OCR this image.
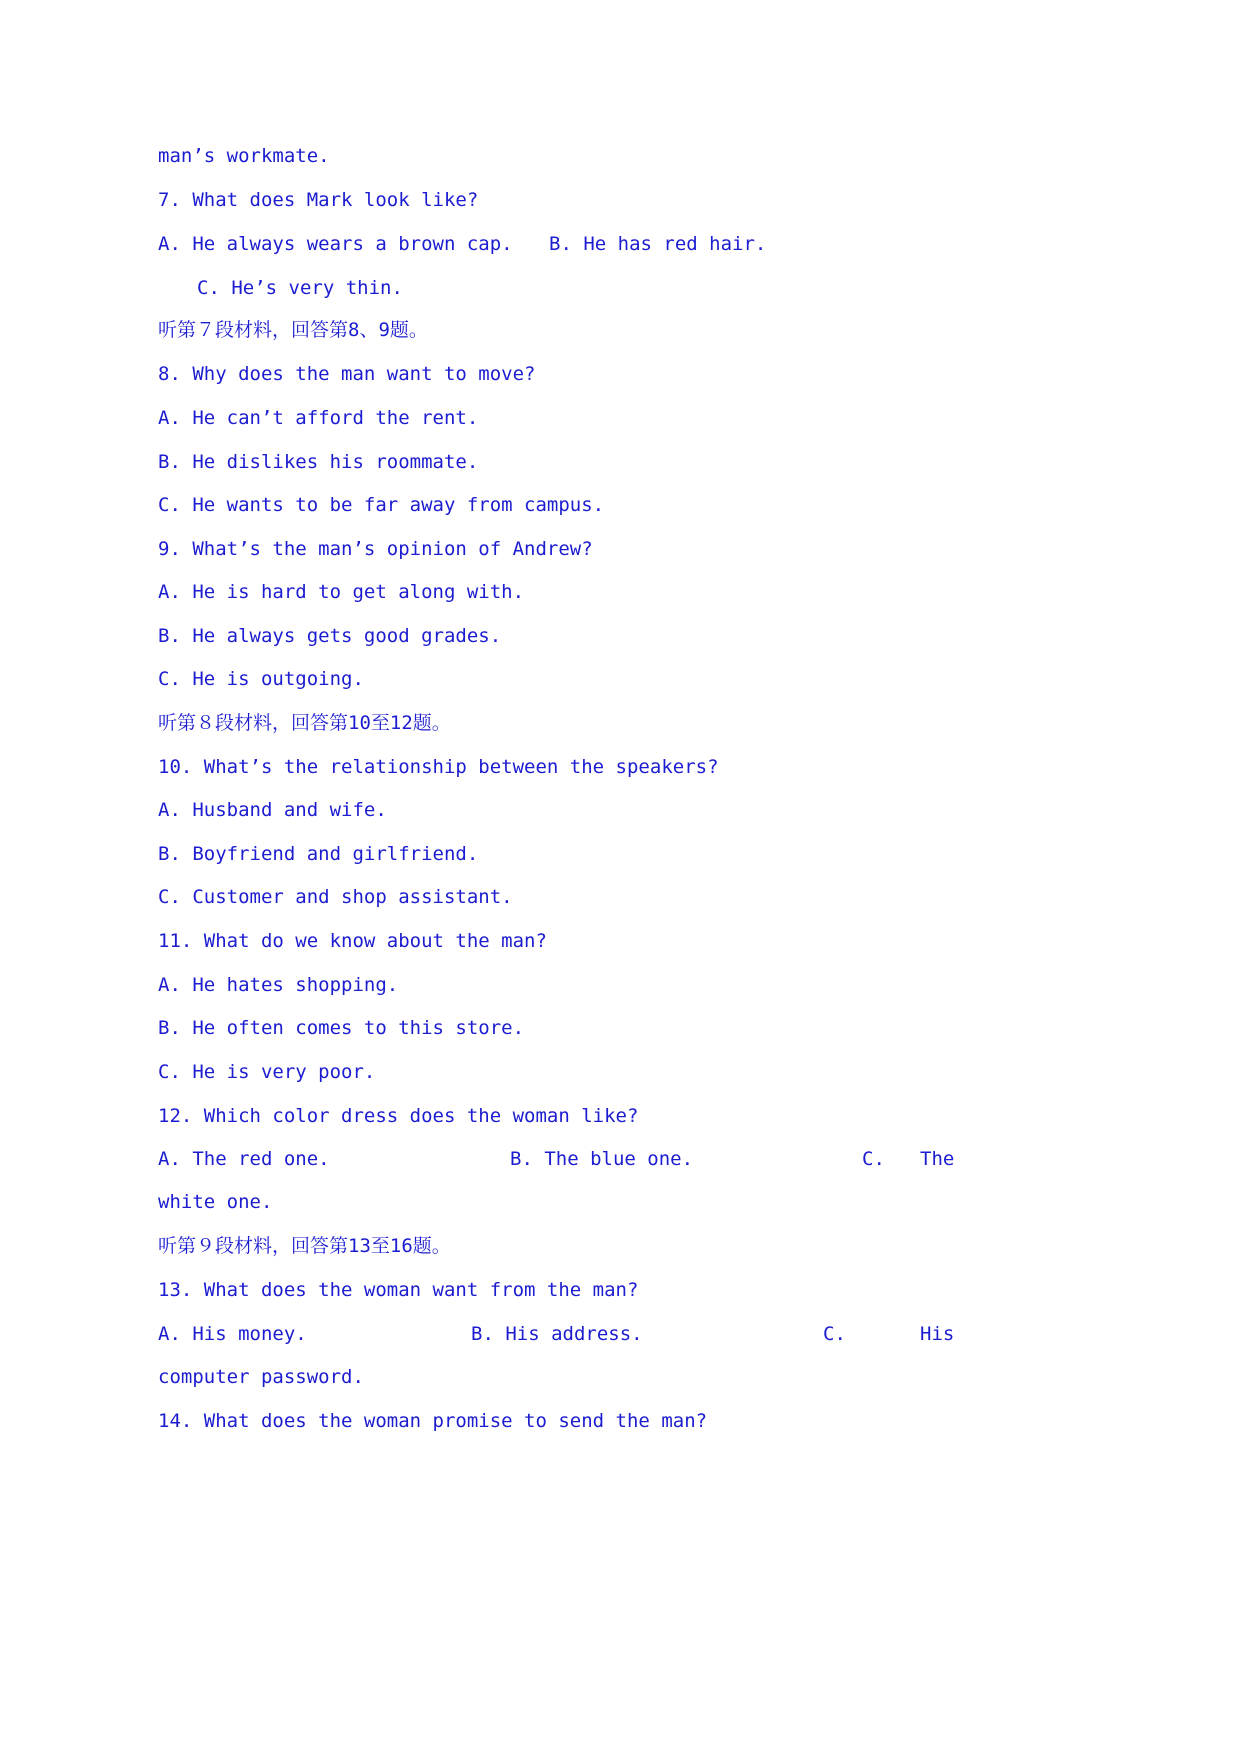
man’s workmate.
7. What does Mark look like?
A. He always wears a brown cap. B. He has red hair.
C. He’s very thin.
听第７段材料，回答第8、9题。
8. Why does the man want to move?
A. He can’t afford the rent.
B. He dislikes his roommate.
C. He wants to be far away from campus.
9. What’s the man’s opinion of Andrew?
A. He is hard to get along with.
B. He always gets good grades.
C. He is outgoing.
听第８段材料，回答第10至12题。
10. What’s the relationship between the speakers?
A. Husband and wife.
B. Boyfriend and girlfriend.
C. Customer and shop assistant.
11. What do we know about the man?
A. He hates shopping.
B. He often comes to this store.
C. He is very poor.
12. Which color dress does the woman like?
A. The red one.	B. The blue one.	C. The
white one.
听第９段材料，回答第13至16题。
13. What does the woman want from the man?
A. His money.	B. His address.	C.	His
computer password.
14. What does the woman promise to send the man?
